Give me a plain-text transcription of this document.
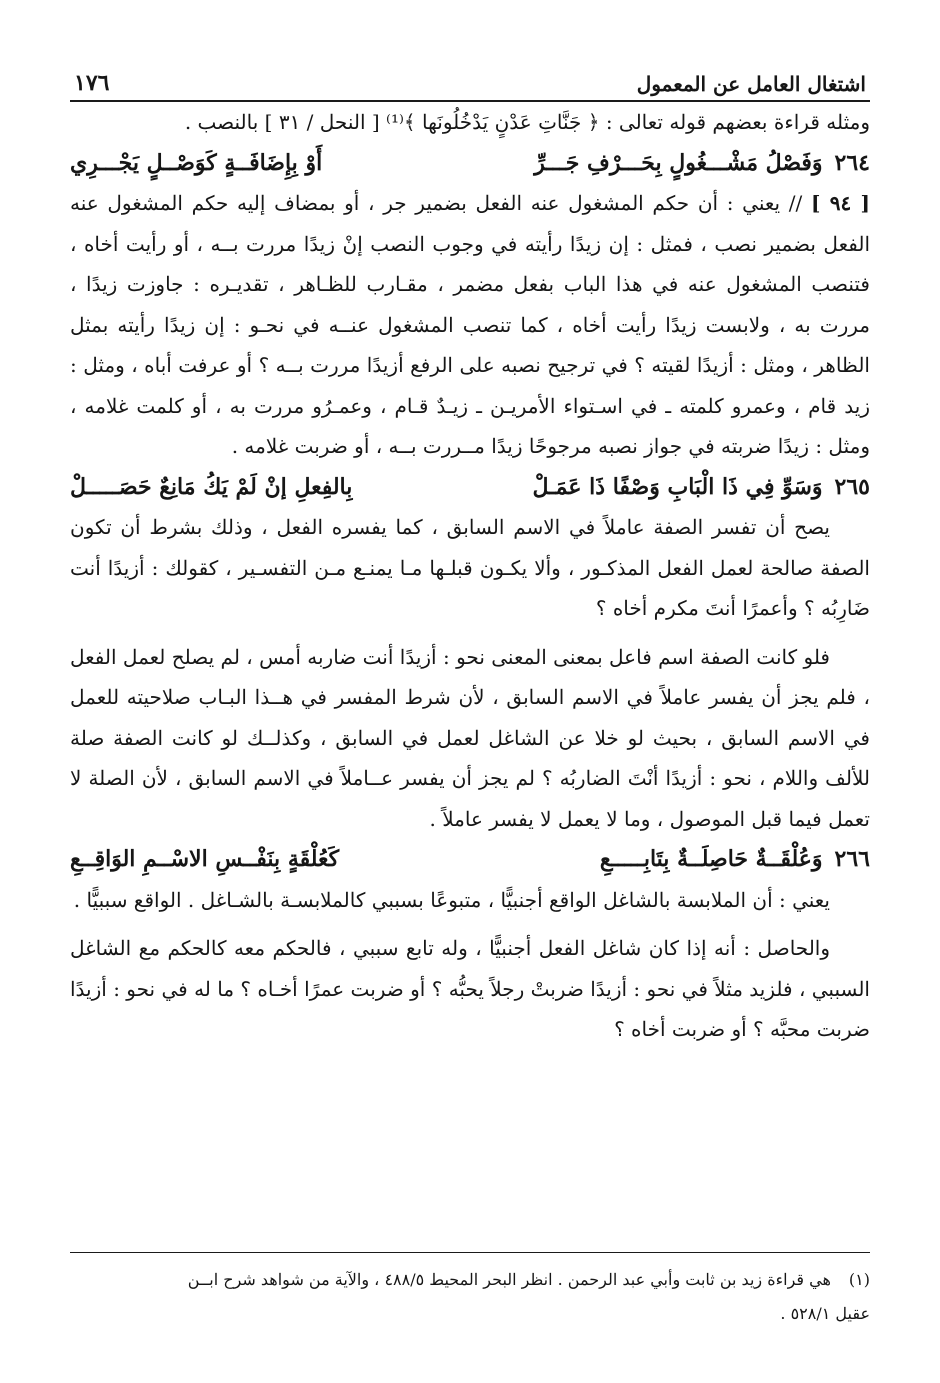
اشتغال العامل عن المعمول
١٧٦

ومثله قراءة بعضهم قوله تعالى : ﴿ جَنَّاتِ عَدْنٍ يَدْخُلُونَها ﴾⁽¹⁾ [ النحل / ٣١ ] بالنصب .

٢٦٤
وَفَصْلُ مَشْـــغُولٍ بِحَـــرْفِ جَـــرِّ
أَوْ بِإِضَافَــةٍ كَوَصْــلٍ يَجْـــرِي

[ ٩٤ ] // يعني : أن حكم المشغول عنه الفعل بضمير جر ، أو بمضاف إليه حكم المشغول عنه الفعل بضمير نصب ، فمثل : إن زيدًا رأيته في وجوب النصب إنْ زيدًا مررت بــه ، أو رأيت أخاه ، فتنصب المشغول عنه في هذا الباب بفعل مضمر ، مقـارب للظـاهر ، تقديـره : جاوزت زيدًا ، مررت به ، ولابست زيدًا رأيت أخاه ، كما تنصب المشغول عنــه في نحـو : إن زيدًا رأيته بمثل الظاهر ، ومثل : أزيدًا لقيته ؟ في ترجيح نصبه على الرفع أزيدًا مررت بــه ؟ أو عرفت أباه ، ومثل : زيد قام ، وعمرو كلمته ـ في اسـتواء الأمريـن ـ زيـدٌ قـام ، وعمـرُو مررت به ، أو كلمت غلامه ، ومثل : زيدًا ضربته في جواز نصبه مرجوحًا زيدًا مــررت بــه ، أو ضربت غلامه .

٢٦٥
وَسَوِّ فِي ذَا الْبَابِ وَصْفًا ذَا عَمَـلْ
بِالفِعلِ إنْ لَمْ يَكُ مَانِعٌ حَصَـــــلْ

يصح أن تفسر الصفة عاملاً في الاسم السابق ، كما يفسره الفعل ، وذلك بشرط أن تكون الصفة صالحة لعمل الفعل المذكـور ، وألا يكـون قبلـها مـا يمنـع مـن التفسـير ، كقولك : أزيدًا أنت ضَارِبُه ؟ وأعمرًا أنتَ مكرم أخاه ؟

فلو كانت الصفة اسم فاعل بمعنى المعنى نحو : أزيدًا أنت ضاربه أمس ، لم يصلح لعمل الفعل ، فلم يجز أن يفسر عاملاً في الاسم السابق ، لأن شرط المفسر في هــذا البـاب صلاحيته للعمل في الاسم السابق ، بحيث لو خلا عن الشاغل لعمل في السابق ، وكذلــك لو كانت الصفة صلة للألف واللام ، نحو : أزيدًا أنْتَ الضاربُه ؟ لم يجز أن يفسر عــاملاً في الاسم السابق ، لأن الصلة لا تعمل فيما قبل الموصول ، وما لا يعمل لا يفسر عاملاً .

٢٦٦
وَعُلْقَــةٌ حَاصِلَــةٌ بِتَابِـــــعِ
كَعُلْقَةٍ بِنَفْــسِ الاسْــمِ الوَاقِــعِ

يعني : أن الملابسة بالشاغل الواقع أجنبيًّا ، متبوعًا بسببي كالملابسـة بالشـاغل . الواقع سببيًّا .

والحاصل : أنه إذا كان شاغل الفعل أجنبيًّا ، وله تابع سببي ، فالحكم معه كالحكم مع الشاغل السببي ، فلزيد مثلاً في نحو : أزيدًا ضربتْ رجلاً يحبُّه ؟ أو ضربت عمرًا أخـاه ؟ ما له في نحو : أزيدًا ضربت محبَّه ؟ أو ضربت أخاه ؟

(١)هي قراءة زيد بن ثابت وأبي عبد الرحمن . انظر البحر المحيط ٤٨٨/٥ ، والآية من شواهد شرح ابــن
عقيل ٥٢٨/١ .
